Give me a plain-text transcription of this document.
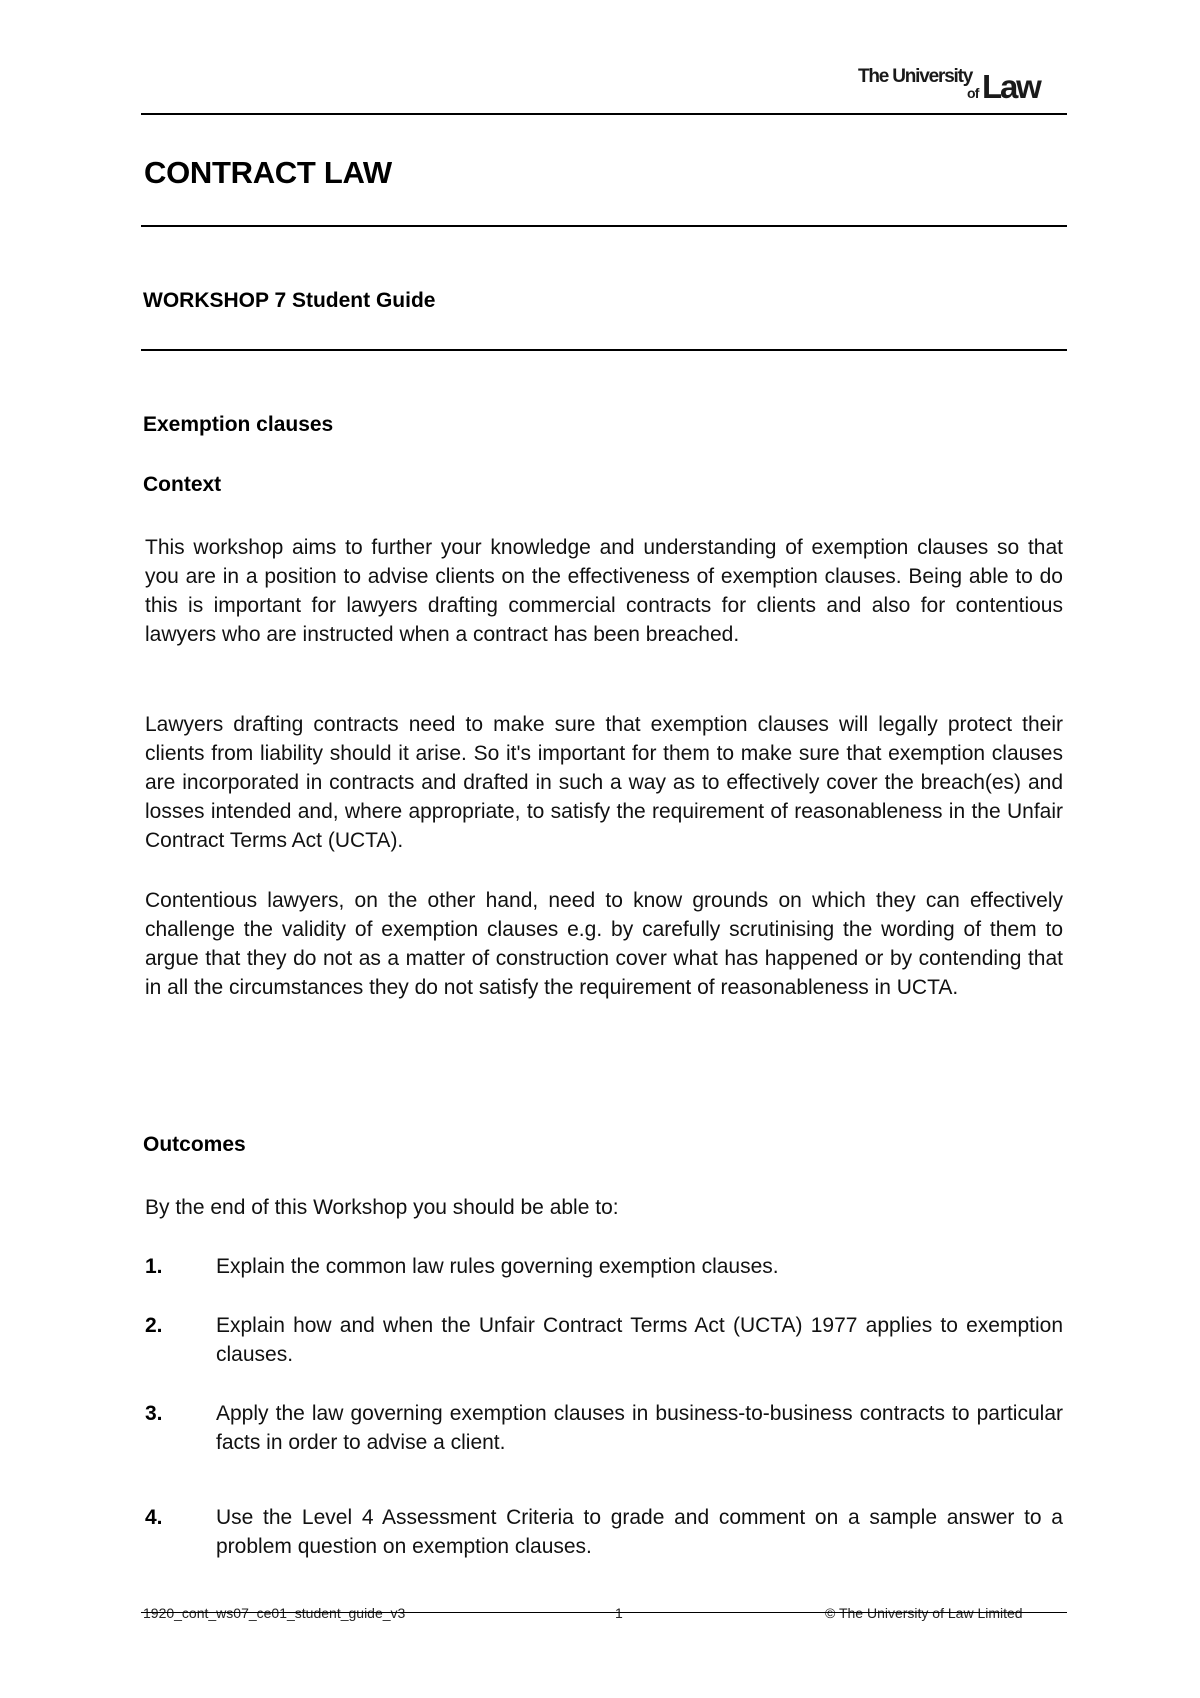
The University
of Law
CONTRACT LAW
WORKSHOP 7 Student Guide
Exemption clauses
Context

This workshop aims to further your knowledge and understanding of exemption clauses so that you are in a position to advise clients on the effectiveness of exemption clauses. Being able to do this is important for lawyers drafting commercial contracts for clients and also for contentious lawyers who are instructed when a contract has been breached.

Lawyers drafting contracts need to make sure that exemption clauses will legally protect their clients from liability should it arise. So it's important for them to make sure that exemption clauses are incorporated in contracts and drafted in such a way as to effectively cover the breach(es) and losses intended and, where appropriate, to satisfy the requirement of reasonableness in the Unfair Contract Terms Act (UCTA).

Contentious lawyers, on the other hand, need to know grounds on which they can effectively challenge the validity of exemption clauses e.g. by carefully scrutinising the wording of them to argue that they do not as a matter of construction cover what has happened or by contending that in all the circumstances they do not satisfy the requirement of reasonableness in UCTA.

Outcomes

By the end of this Workshop you should be able to:

1.	Explain the common law rules governing exemption clauses.

2.	Explain how and when the Unfair Contract Terms Act (UCTA) 1977 applies to exemption clauses.

3.	Apply the law governing exemption clauses in business-to-business contracts to particular facts in order to advise a client.

4.	Use the Level 4 Assessment Criteria to grade and comment on a sample answer to a problem question on exemption clauses.

1920_cont_ws07_ce01_student_guide_v3	1	© The University of Law Limited
